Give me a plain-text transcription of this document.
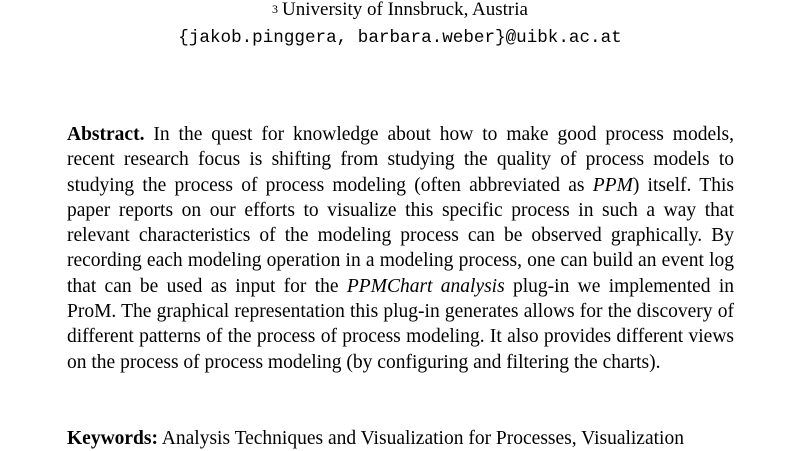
$^3$ University of Innsbruck, Austria
{jakob.pinggera, barbara.weber}@uibk.ac.at

Abstract. In the quest for knowledge about how to make good process models, recent research focus is shifting from studying the quality of process models to studying the process of process modeling (often abbreviated as PPM) itself. This paper reports on our efforts to visualize this specific process in such a way that relevant characteristics of the modeling process can be observed graphically. By recording each modeling operation in a modeling process, one can build an event log that can be used as input for the PPMChart analysis plug-in we implemented in ProM. The graphical representation this plug-in generates allows for the discovery of different patterns of the process of process modeling. It also provides different views on the process of process modeling (by configuring and filtering the charts).

Keywords: Analysis Techniques and Visualization for Processes, Visualization
